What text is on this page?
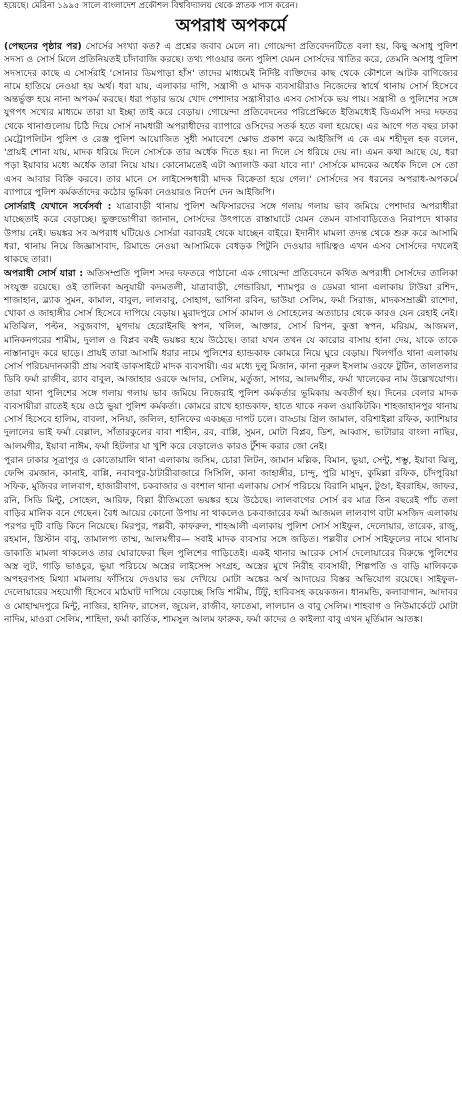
হয়েছে। মেরিনা ১৯৯৫ সালে বাংলাদেশ প্রকৌশল বিশ্ববিদ্যালয় থেকে স্নাতক পাস করেন।
অপরাধ অপকর্মে

(পেছনের পৃষ্ঠার পর) সোর্সের সংখ্যা কত? এ প্রশ্নের জবাব মেলে না। গোয়েন্দা প্রতিবেদনটিতে বলা হয়, কিছু অসাধু পুলিশ সদস্য ও সোর্স মিলে প্রতিনিয়তই চাঁদাবাজি করছে। তথ্য পাওয়ার জন্য পুলিশ যেমন সোর্সদের খাতির করে, তেমনি অসাধু পুলিশ সদস্যদের কাছে এ সোর্সরাই 'সোনার ডিমপাড়া হাঁস' তাদের মাধ্যমেই নির্দিষ্ট ব্যক্তিদের কাছ থেকে কৌশলে আটক বাণিজ্যের নামে হাতিয়ে নেওয়া হয় অর্থ। ধরা যায়, এলাকার দাগি, সন্ত্রাসী ও মাদক ব্যবসায়ীরাও নিজেদের স্বার্থে থানায় সোর্স হিসেবে অন্তর্ভুক্ত হয়ে নানা অপকর্ম করছে। ধরা পড়ার ভয়ে খোদ পেশাদার সন্ত্রাসীরাও এসব সোর্সকে ভয় পায়। সন্ত্রাসী ও পুলিশের সঙ্গে যুগপৎ সখ্যের মাধ্যমে তারা যা ইচ্ছা তাই করে বেড়ায়। গোয়েন্দা প্রতিবেদনের পরিপ্রেক্ষিতে ইতিমধ্যেই ডিএমপি সদর দফতর থেকে থানাগুলোয় চিঠি দিয়ে সোর্স নামধারী অপরাধীদের ব্যাপারে ওসিদের সতর্ক হতে বলা হয়েছে। এর আগে গত বছর ঢাকা মেট্রোপলিটন পুলিশ ও রেঞ্জ পুলিশ আয়োজিত সুধী সমাবেশে ক্ষোভ প্রকাশ করে আইজিপি এ কে এম শহীদুল হক বলেন, 'প্রায়ই শোনা যায়, মাদক ধরিয়ে দিলে সোর্সকে তার অর্ধেক দিতে হয়। না দিলে সে ধরিয়ে দেয় না। এমন কথা আছে যে, ধরা পড়া ইয়াবার মধ্যে অর্ধেক তারা নিয়ে যায়। কোনোমতেই এটা অ্যালাউ করা যাবে না।' সোর্সকে মাদকের অর্ধেক দিলে সে তো এসব আবার বিক্রি করবে। তার মানে সে লাইসেন্সধারী মাদক বিক্রেতা হয়ে গেল।' সোর্সদের সব ধরনের অপরাধ-অপকর্মে ব্যাপারে পুলিশ কর্মকর্তাদের কঠোর ভূমিকা নেওয়ারও নির্দেশ দেন আইজিপি।

সোর্সরাই যেখানে সর্বেসর্বা : যাত্রাবাড়ী থানায় পুলিশ অফিসারদের সঙ্গে গলায় গলায় ভাব জমিয়ে পেশাদার অপরাধীরা যাচ্ছেতাই করে বেড়াচ্ছে। ভুক্তভোগীরা জানান, সোর্সদের উৎপাতে রাস্তাঘাটে যেমন তেমন বাসাবাড়িতেও নিরাপদে থাকার উপায় নেই। ভয়ঙ্কর সব অপরাধ ঘটিয়েও সোর্সরা বরাবরই থেকে যাচ্ছেন বাইরে। ইদানীং মামলা তদন্ত থেকে শুরু করে আসামি ধরা, থানায় নিয়ে জিজ্ঞাসাবাদ, রিমান্ডে নেওয়া আসামিকে বেধড়ক পিটুনি দেওয়ার দায়িত্বও এখন এসব সোর্সদের দখলেই থাকছে তারা।

অপরাধী সোর্স যারা : অতিসম্প্রতি পুলিশ সদর দফতরে পাঠানো এক গোয়েন্দা প্রতিবেদনে কথিত অপরাধী সোর্সদের তালিকা সংযুক্ত রয়েছে। ওই তালিকা অনুযায়ী কদমতলী, যাত্রাবাড়ী, গেন্ডারিয়া, শ্যামপুর ও ডেমরা থানা এলাকায় টাউয়া রশিদ, শাজাহান, ব্ল্যাক সুমন, কামাল, বাবুল, লালবাবু, সোহাগ, ভাগিনা রবিন, ভাউয়া সেলিম, ফর্মা সিরাজ, মাদকসম্রাজ্ঞী রাশেদা, খোকা ও জাহাঙ্গীর সোর্স হিসেবে দাপিয়ে বেড়ায়। মুরাদপুরে সোর্স কামাল ও সোহেলের অত্যাচার থেকে কারও যেন রেহাই নেই। মতিঝিল, পল্টন, সবুজবাগ, মুগদায় হেরোইনছি স্বপন, খলিল, আক্তার, সোর্স রিপন, কুত্তা স্বপন, মরিয়ম, আজমল, মানিকনগরের শামীম, দুলাল ও বিপ্লব বর্ষই ভয়ঙ্কর হয়ে উঠেছে। তারা যখন তখন যে কারোর বাসায় হানা দেয়, যাকে তাকে নাস্তানাবুদ করে ছাড়ে। প্রায়ই তারা আসামি ধরার নামে পুলিশের হ্যান্ডকাফ কোমরে নিয়ে ঘুরে বেড়ায়। খিলগাঁও থানা এলাকায় সোর্স পরিচয়দানকারী প্রায় সবাই ডাকসাইটে মাদক ব্যবসায়ী। এর মধ্যে দুলু মিজান, কানা নূরুল ইসলাম ওরফে টুটিন, তালতলার ডিবি ফর্মা রাজীব, র‍্যাব বাবুল, আজাহার ওরফে আদার, সেলিম, মর্তুজা, সাগর, আলমগীর, ফর্মা খালেকের নাম উল্লেখযোগ্য। তারা থানা পুলিশের সঙ্গে গলায় গলায় ভাব জমিয়ে নিজেরাই পুলিশ কর্মকর্তার ভূমিকায় অবতীর্ণ হয়। দিনের বেলার মাদক ব্যবসায়ীরা রাতেই হয়ে ওঠে ভুয়া পুলিশ কর্মকর্তা। কোমরে রাখে হ্যান্ডকাফ, হাতে থাকে নকল ওয়াকিটকি। শাহজাহানপুর থানায় সোর্স হিসেবে হালিম, বাবলা, সনিয়া, জলিল, হানিফের একচ্ছত্র দাপট চলে। বাড্ডায় গ্রিল জামাল, বরিশাইল্লা রফিক, ক্যাশিয়ার দুলালের ভাই ফর্মা বেল্লাল, সাঁতারকুলের বাবা শাহীন, রব, বাপ্পি, সুমন, মোটা বিপ্লব, ডিশ, আব্বাস, ভাটারার বাংলা নাছির, আলমগীর, ইয়াবা নাঈম, ফর্মা হিটলার যা খুশি করে বেড়ালেও কারও টুঁশব্দ করার জো নেই।

পুরান ঢাকার সূত্রাপুর ও কোতোয়ালি থানা এলাকায় জসিম, চোরা লিটন, জামান মল্লিক, বিমান, ভুয়া, সেন্টু, শম্ভু, ইয়াবা ঝিলু, ফেন্সি রমজান, কানাই, বাপ্পি, নবাবপুর-ঠাটারীবাজারে সিসিলি, কানা জাহাঙ্গীর, চান্দু, পুরি মাসুদ, কুমিল্লা রফিক, চাঁদপুরিয়া সফিক, মুজিবর লালবাগ, হাজারীবাগ, চকবাজার ও বংশাল থানা এলাকায় সোর্স পরিচয়ে বিরানি মামুন, টুণ্ডা, ইবরাহিম, জাফর, রনি, সিডি মিন্টু, সোহেল, আরিফ, বিল্লা রীতিমতো ভয়ঙ্কর হয়ে উঠেছে। লালবাগের সোর্স রব মাত্র তিন বছরেই পাঁচ তলা বাড়ির মালিক বনে গেছেন। বৈধ আয়ের কোনো উপায় না থাকলেও চকবাজারের ফর্মা আজমল লালবাগ বাটা মসজিদ এলাকায় পরপর দুটি বাড়ি কিনে নিয়েছে। মিরপুর, পল্লবী, কাফরুল, শাহআলী এলাকায় পুলিশ সোর্স সাইফুল, দেলোয়ার, তারেক, রাজু, রহমান, খ্রিস্টান বাবু, তামালপ্য তাম্ম, আলমগীর— সবাই মাদক ব্যবসার সঙ্গে জড়িত। পল্লবীর সোর্স সাইফুলের নামে থানায় ডাকাতি মামলা থাকলেও তার ঘোরাফেরা ছিল পুলিশের গাড়িতেই। একই থানার আরেক সোর্স দেলোয়ারের বিরুদ্ধে পুলিশের অস্ত্র লুট, গাড়ি ভাঙচুর, ভুয়া পরিচয়ে অস্ত্রের লাইসেন্স সংগ্রহ, অস্ত্রের মুখে নিরীহ ব্যবসায়ী, শিল্পপতি ও বাড়ি মালিককে অপহরণসহ মিথ্যা মামলায় ফাঁসিয়ে দেওয়ার ভয় দেখিয়ে মোটা অঙ্কের অর্থ আদায়ের বিস্তর অভিযোগ রয়েছে। সাইফুল-দেলোয়ারের সহযোগী হিসেবে মাঠঘাট দাপিয়ে বেড়াচ্ছে সিডি শামীম, টিটু, হাবিবসহ কয়েকজন। ধানমন্ডি, কলাবাগান, আদাবর ও মোহাম্মদপুরে মিন্টু, নাজির, হানিফ, রাসেল, জুয়েল, রাজীব, ফাতেমা, লালচান ও বাবু সেলিম। শাহবাগ ও নিউমার্কেটে মোটা নাদিম, মাওরা সেলিম, শাহিদা, ফর্মা কার্তিক, শামসুল আলম ফারুক, ফর্মা কাদের ও কাইল্যা বাবু এখন মূর্তিমান আতঙ্ক।
